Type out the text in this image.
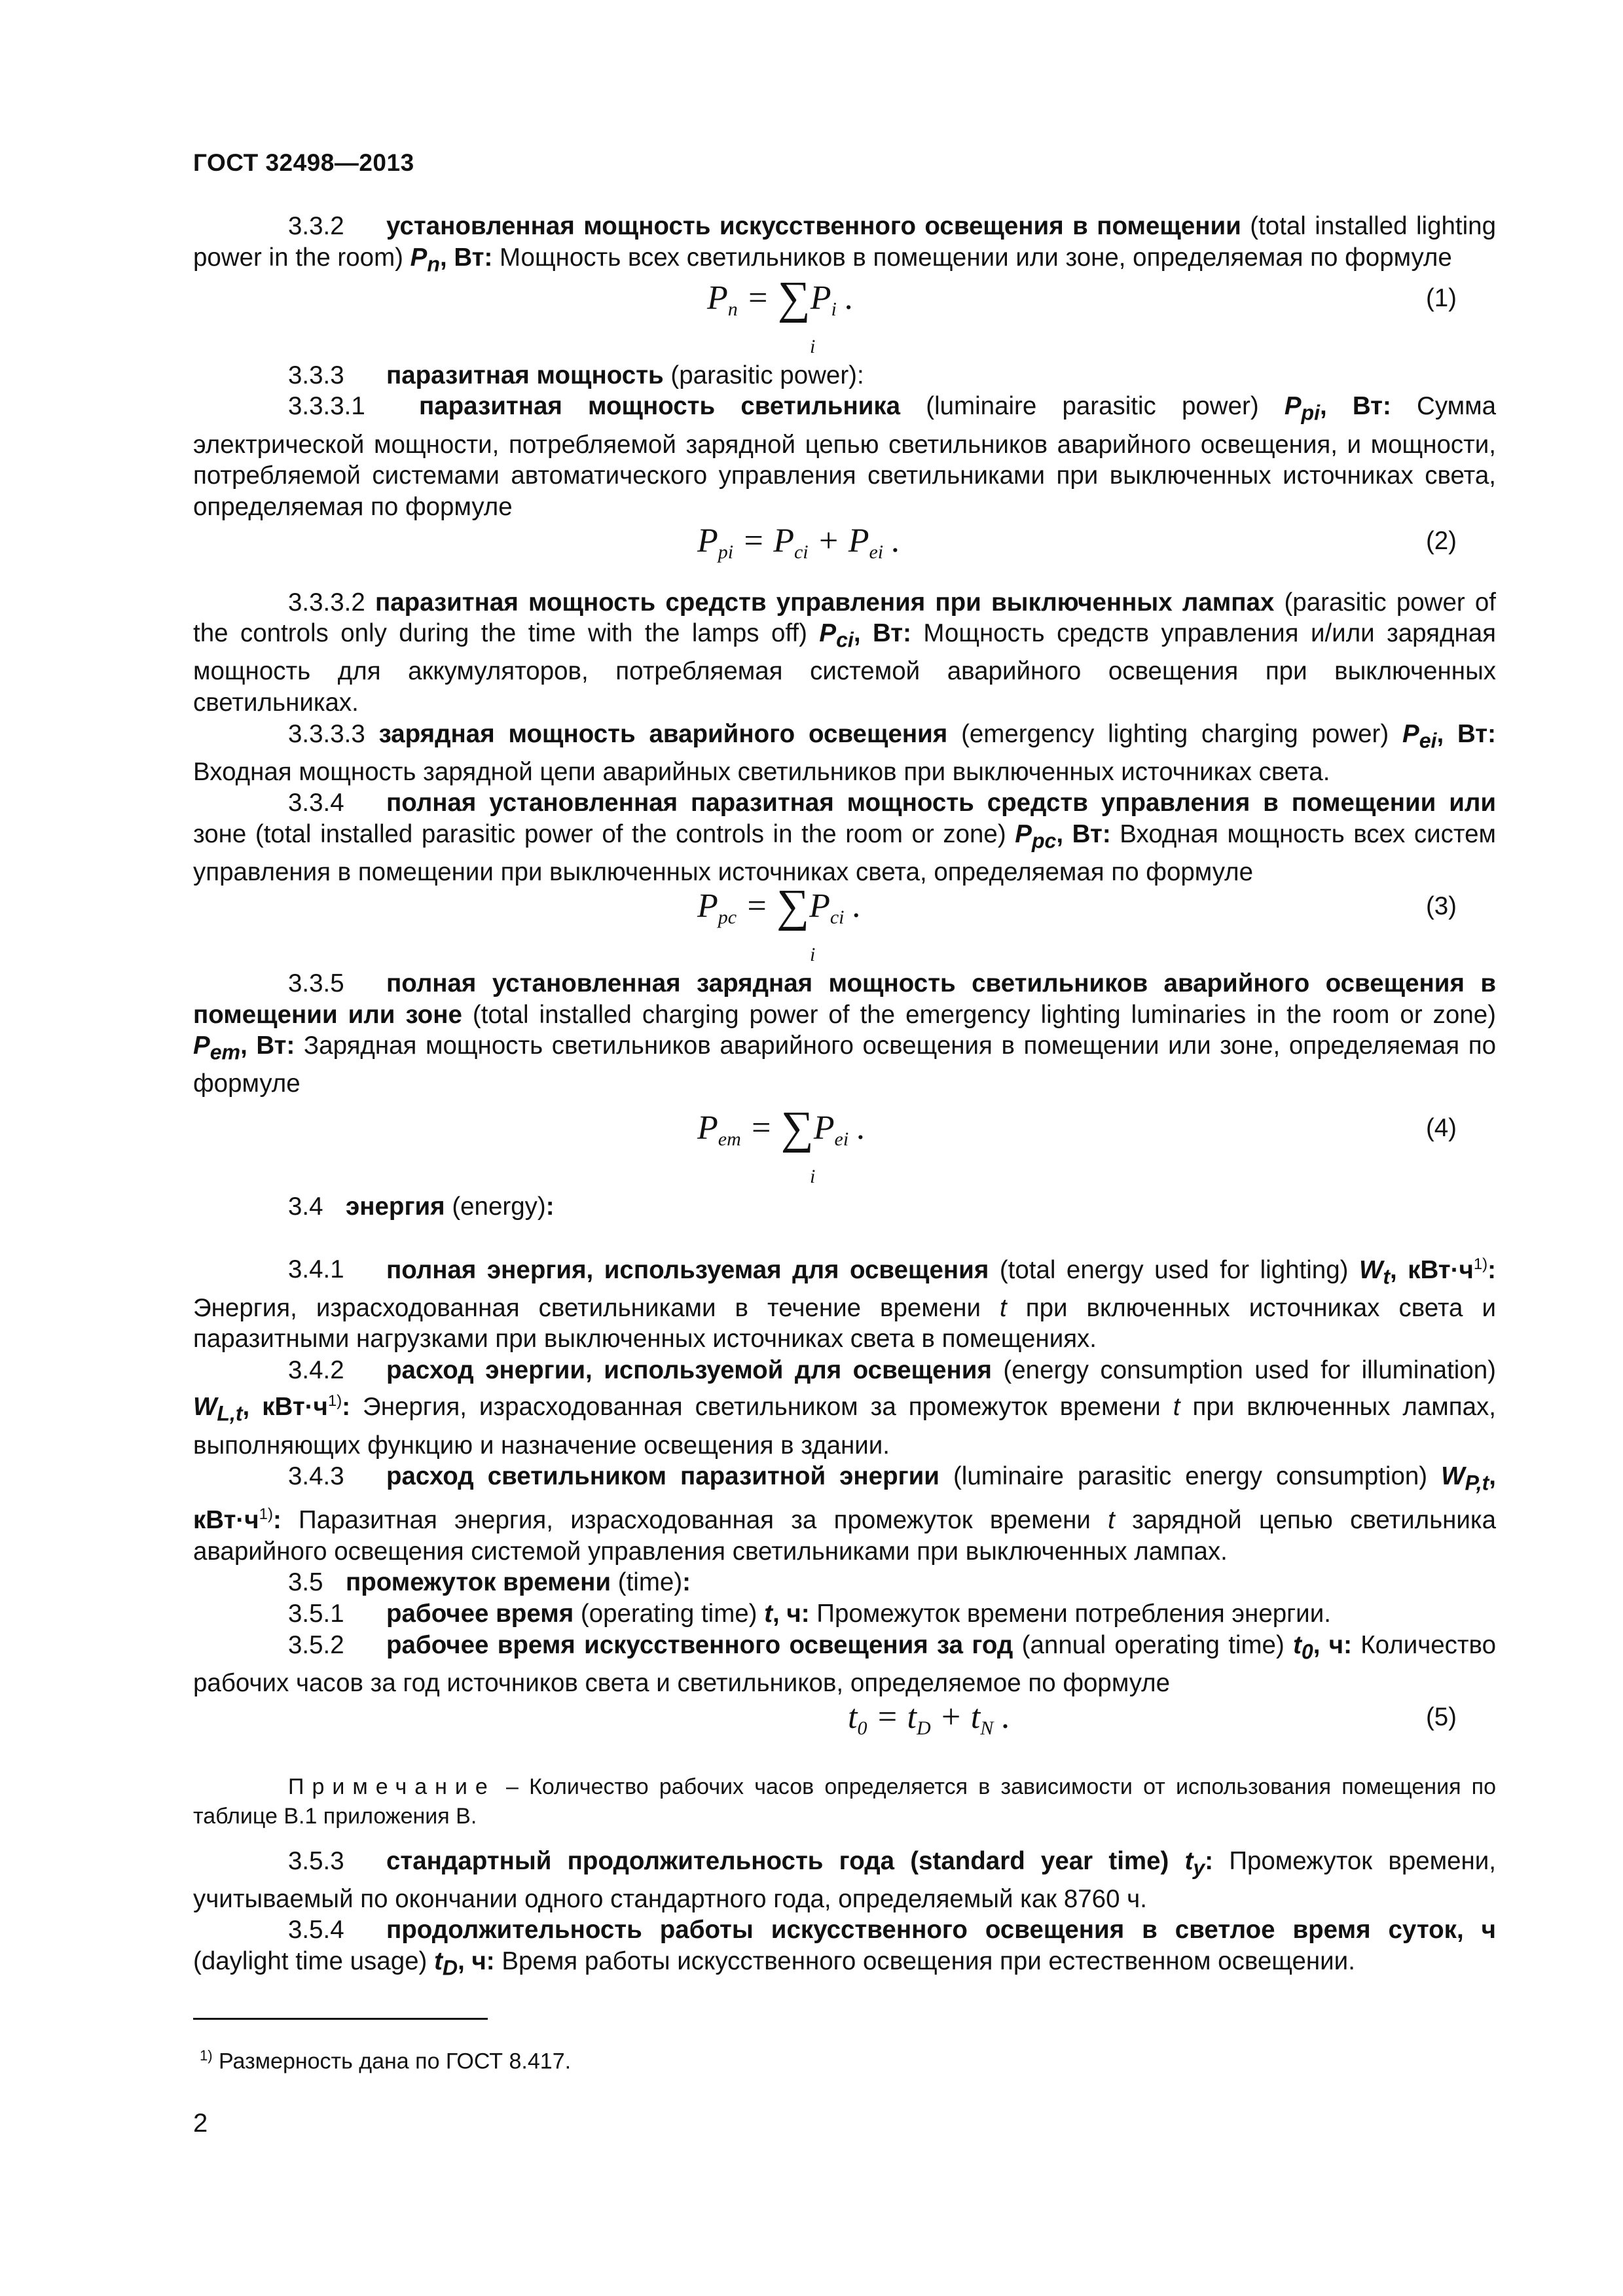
ГОСТ 32498—2013

3.3.2 установленная мощность искусственного освещения в помещении (total installed lighting power in the room) $P_n$, Вт: Мощность всех светильников в помещении или зоне, определяемая по формуле

$P_n = \sum P_i$ .
i
(1)

3.3.3 паразитная мощность (parasitic power):

3.3.3.1 паразитная мощность светильника (luminaire parasitic power) $P_{pi}$, Вт: Сумма электрической мощности, потребляемой зарядной цепью светильников аварийного освещения, и мощности, потребляемой системами автоматического управления светильниками при выключенных источниках света, определяемая по формуле

$P_{pi} = P_{ci} + P_{ei}$ .	(2)

3.3.3.2 паразитная мощность средств управления при выключенных лампах (parasitic power of the controls only during the time with the lamps off) $P_{ci}$, Вт: Мощность средств управления и/или зарядная мощность для аккумуляторов, потребляемая системой аварийного освещения при выключенных светильниках.

3.3.3.3 зарядная мощность аварийного освещения (emergency lighting charging power) $P_{ei}$, Вт: Входная мощность зарядной цепи аварийных светильников при выключенных источниках света.

3.3.4 полная установленная паразитная мощность средств управления в помещении или зоне (total installed parasitic power of the controls in the room or zone) $P_{pc}$, Вт: Входная мощность всех систем управления в помещении при выключенных источниках света, определяемая по формуле

$P_{pc} = \sum P_{ci}$ .
i
(3)

3.3.5 полная установленная зарядная мощность светильников аварийного освещения в помещении или зоне (total installed charging power of the emergency lighting luminaries in the room or zone) $P_{em}$, Вт: Зарядная мощность светильников аварийного освещения в помещении или зоне, определяемая по формуле

$P_{em} = \sum P_{ei}$ .
i
(4)

3.4 энергия (energy):

3.4.1 полная энергия, используемая для освещения (total energy used for lighting) $W_t$, кВт·ч$^{1)}$: Энергия, израсходованная светильниками в течение времени t при включенных источниках света и паразитными нагрузками при выключенных источниках света в помещениях.

3.4.2 расход энергии, используемой для освещения (energy consumption used for illumination) $W_{L,t}$, кВт·ч$^{1)}$: Энергия, израсходованная светильником за промежуток времени t при включенных лампах, выполняющих функцию и назначение освещения в здании.

3.4.3 расход светильником паразитной энергии (luminaire parasitic energy consumption) $W_{P,t}$, кВт·ч$^{1)}$: Паразитная энергия, израсходованная за промежуток времени t зарядной цепью светильника аварийного освещения системой управления светильниками при выключенных лампах.

3.5 промежуток времени (time):

3.5.1 рабочее время (operating time) t, ч: Промежуток времени потребления энергии.

3.5.2 рабочее время искусственного освещения за год (annual operating time) $t_0$, ч: Количество рабочих часов за год источников света и светильников, определяемое по формуле

$t_0 = t_D + t_N$ .	(5)

Примечание – Количество рабочих часов определяется в зависимости от использования помещения по таблице В.1 приложения В.

3.5.3 стандартный продолжительность года (standard year time) $t_y$: Промежуток времени, учитываемый по окончании одного стандартного года, определяемый как 8760 ч.

3.5.4 продолжительность работы искусственного освещения в светлое время суток, ч (daylight time usage) $t_D$, ч: Время работы искусственного освещения при естественном освещении.

$^{1)}$ Размерность дана по ГОСТ 8.417.
2
